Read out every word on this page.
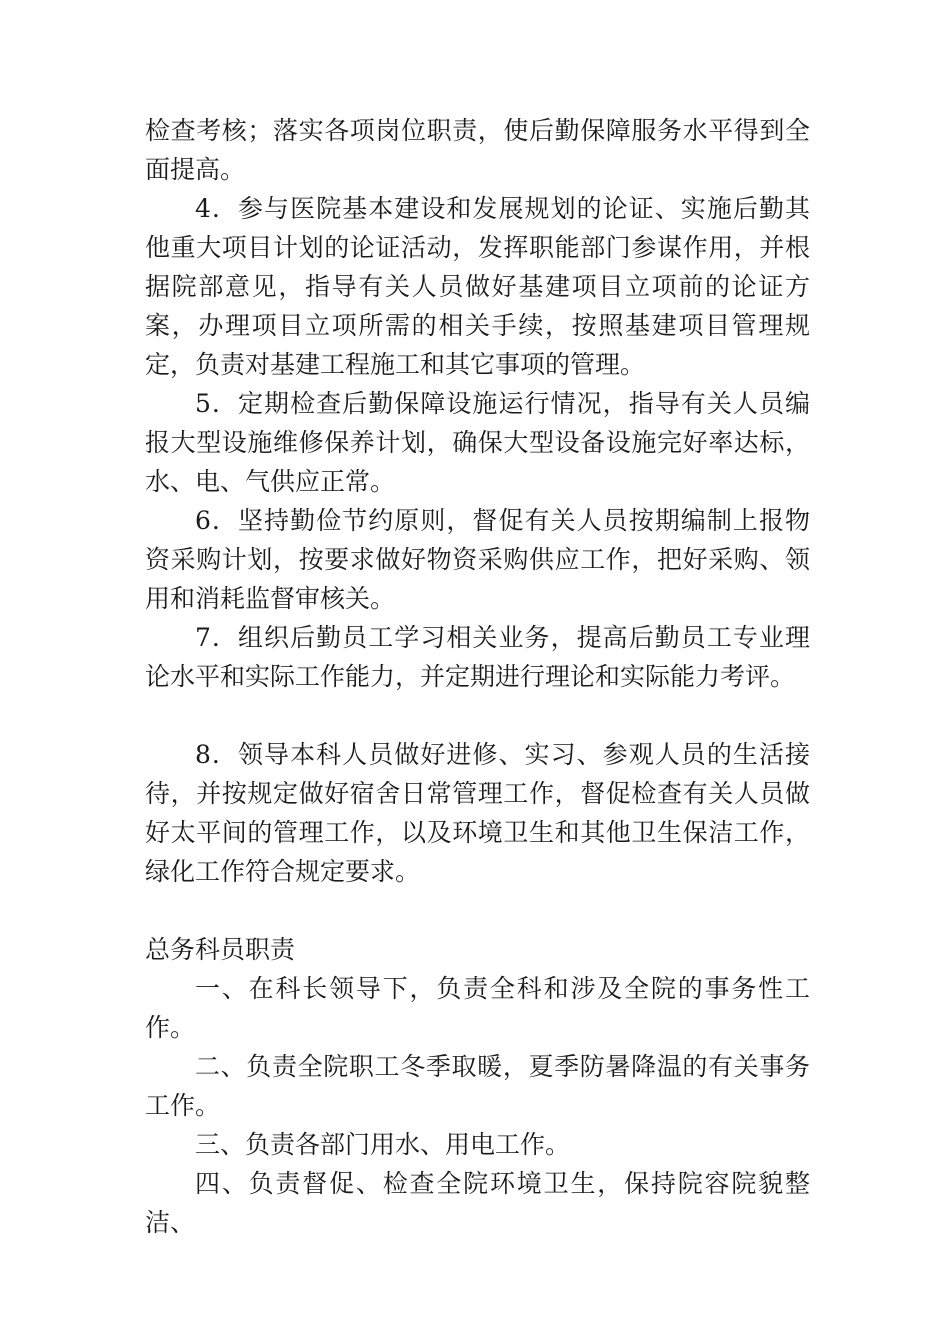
检查考核；落实各项岗位职责，使后勤保障服务水平得到全面提高。

4．参与医院基本建设和发展规划的论证、实施后勤其他重大项目计划的论证活动，发挥职能部门参谋作用，并根据院部意见，指导有关人员做好基建项目立项前的论证方案，办理项目立项所需的相关手续，按照基建项目管理规定，负责对基建工程施工和其它事项的管理。

5．定期检查后勤保障设施运行情况，指导有关人员编报大型设施维修保养计划，确保大型设备设施完好率达标，水、电、气供应正常。

6．坚持勤俭节约原则，督促有关人员按期编制上报物资采购计划，按要求做好物资采购供应工作，把好采购、领用和消耗监督审核关。

7．组织后勤员工学习相关业务，提高后勤员工专业理论水平和实际工作能力，并定期进行理论和实际能力考评。

8．领导本科人员做好进修、实习、参观人员的生活接待，并按规定做好宿舍日常管理工作，督促检查有关人员做好太平间的管理工作，以及环境卫生和其他卫生保洁工作，绿化工作符合规定要求。

总务科员职责

一、在科长领导下，负责全科和涉及全院的事务性工作。

二、负责全院职工冬季取暖，夏季防暑降温的有关事务工作。

三、负责各部门用水、用电工作。

四、负责督促、检查全院环境卫生，保持院容院貌整洁、
